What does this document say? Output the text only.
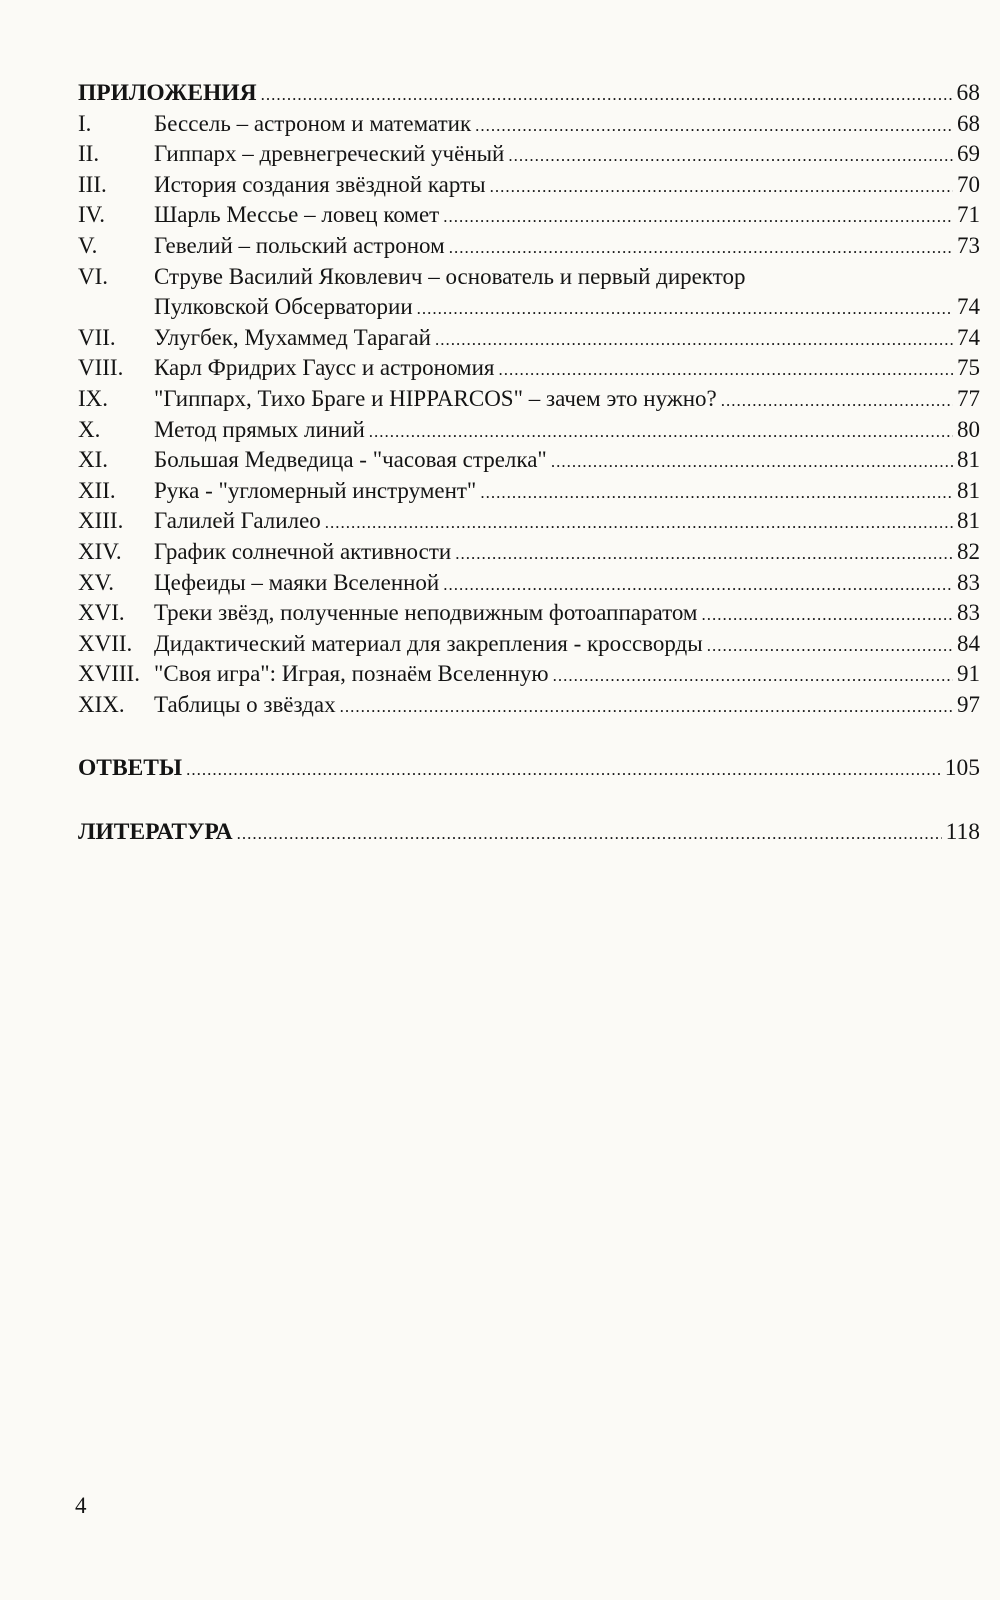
ПРИЛОЖЕНИЯ .....	68
I.	Бессель – астроном и математик .....	68
II.	Гиппарх – древнегреческий учёный .....	69
III.	История создания звёздной карты .....	70
IV.	Шарль Мессье – ловец комет .....	71
V.	Гевелий – польский астроном .....	73
VI.	Струве Василий Яковлевич – основатель и первый директор
Пулковской Обсерватории .....	74
VII.	Улугбек, Мухаммед Тарагай .....	74
VIII.	Карл Фридрих Гаусс и астрономия .....	75
IX.	"Гиппарх, Тихо Браге и HIPPARCOS" – зачем это нужно? .....	77
X.	Метод прямых линий .....	80
XI.	Большая Медведица - "часовая стрелка" .....	81
XII.	Рука - "угломерный инструмент" .....	81
XIII.	Галилей Галилео .....	81
XIV.	График солнечной активности .....	82
XV.	Цефеиды – маяки Вселенной .....	83
XVI.	Треки звёзд, полученные неподвижным фотоаппаратом .....	83
XVII. Дидактический материал для закрепления - кроссворды .....	84
XVIII. "Своя игра": Играя, познаём Вселенную .....	91
XIX.	Таблицы о звёздах .....	97
ОТВЕТЫ .....	105
ЛИТЕРАТУРА .....	118
4
